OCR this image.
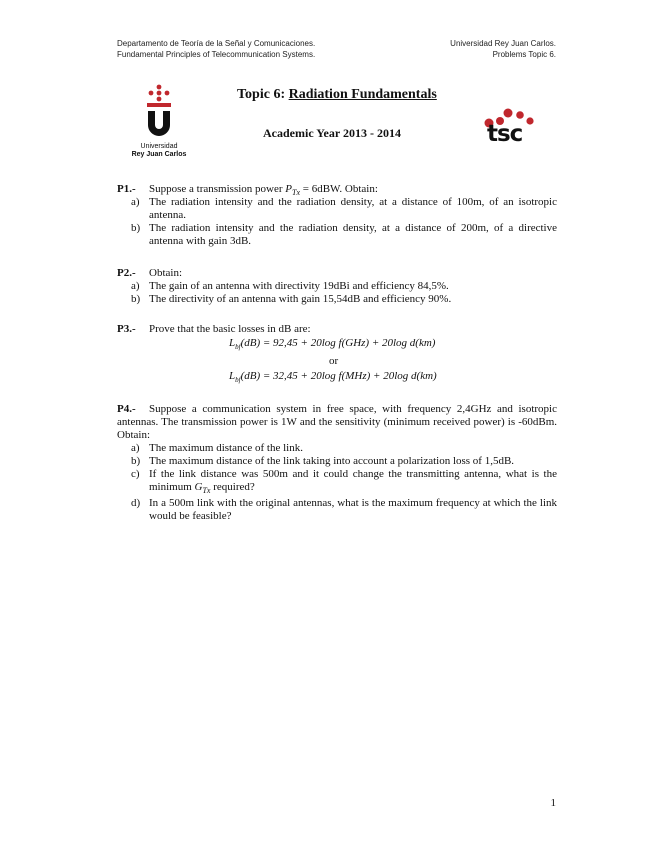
Departamento de Teoría de la Señal y Comunicaciones.
Fundamental Principles of Telecommunication Systems.
Universidad Rey Juan Carlos.
Problems Topic 6.
Universidad
Rey Juan Carlos
tsc
Topic 6: Radiation Fundamentals
Academic Year 2013 - 2014
P1.- Suppose a transmission power $P_{Tx} = 6dBW$. Obtain:
a) The radiation intensity and the radiation density, at a distance of 100m, of an isotropic antenna.
b) The radiation intensity and the radiation density, at a distance of 200m, of a directive antenna with gain 3dB.
P2.- Obtain:
a) The gain of an antenna with directivity 19dBi and efficiency 84,5%.
b) The directivity of an antenna with gain 15,54dB and efficiency 90%.
P3.- Prove that the basic losses in dB are:
$L_{bf}(dB) = 92,45 + 20\log$ f(GHz) + 20log d(km)
or
$L_{bf}(dB) = 32,45 + 20\log$ f(MHz) + 20log d(km)
P4.- Suppose a communication system in free space, with frequency 2,4GHz and isotropic antennas. The transmission power is 1W and the sensitivity (minimum received power) is -60dBm. Obtain:
a) The maximum distance of the link.
b) The maximum distance of the link taking into account a polarization loss of 1,5dB.
c) If the link distance was 500m and it could change the transmitting antenna, what is the minimum $G_{Tx}$ required?
d) In a 500m link with the original antennas, what is the maximum frequency at which the link would be feasible?
1
